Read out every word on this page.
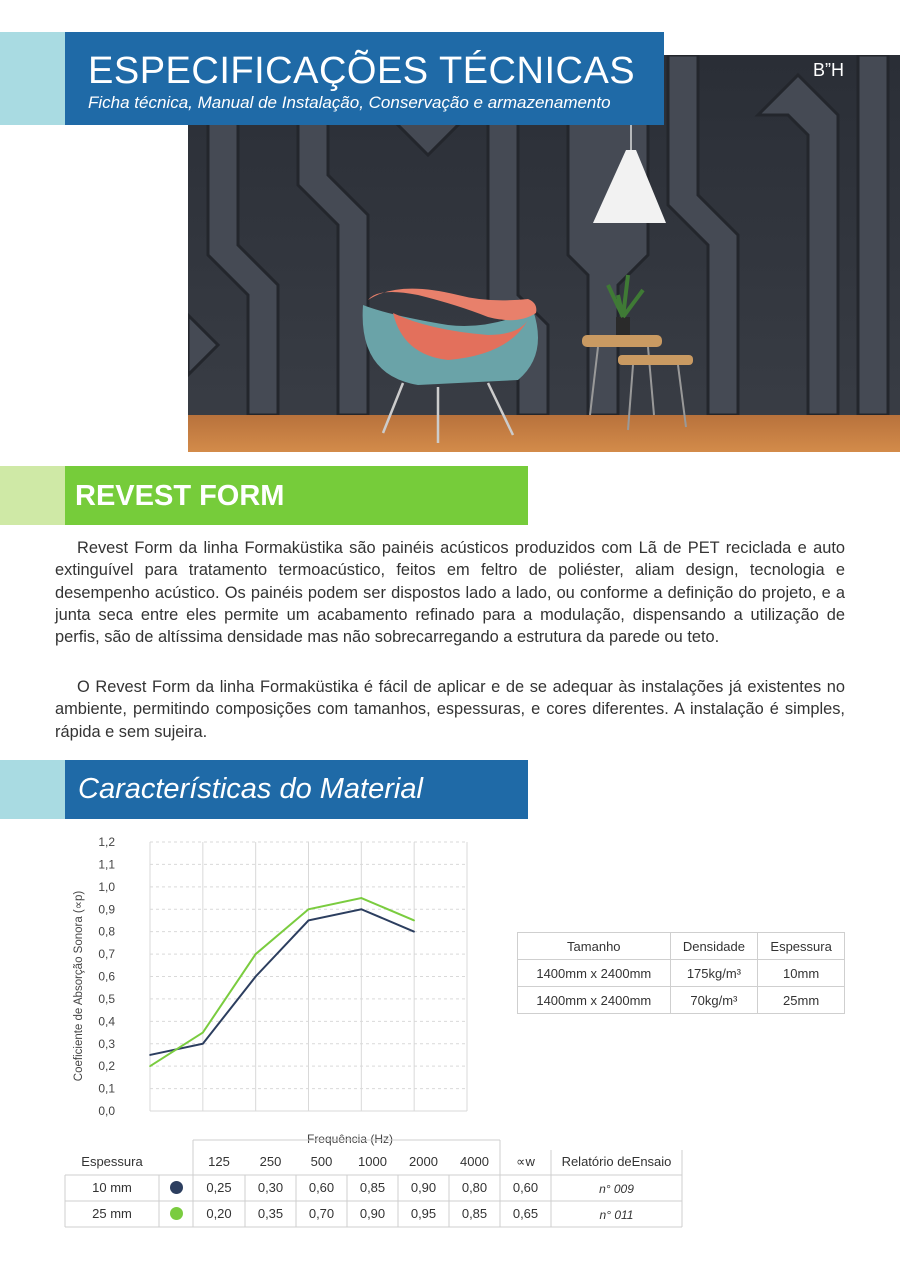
ESPECIFICAÇÕES TÉCNICAS
Ficha técnica, Manual de Instalação, Conservação e armazenamento
B”H
REVEST FORM

Revest Form da linha Formaküstika são painéis acústicos produzidos com Lã de PET reciclada e auto extinguível para tratamento termoacústico, feitos em feltro de poliéster, aliam design, tecnologia e desempenho acústico. Os painéis podem ser dispostos lado a lado, ou conforme a definição do projeto, e a junta seca entre eles permite um acabamento refinado para a modulação, dispensando a utilização de perfis, são de altíssima densidade mas não sobrecarregando a estrutura da parede ou teto.

O Revest Form da linha Formaküstika é fácil de aplicar e de se adequar às instalações já existentes no ambiente, permitindo composições com tamanhos, espessuras, e cores diferentes. A instalação é simples, rápida e sem sujeira.

Características do Material
0,0
0,1
0,2
0,3
0,4
0,5
0,6
0,7
0,8
0,9
1,0
1,1
1,2
Coeficiente de Absorção Sonora (∝p)
Frequência (Hz)
Tamanho	Densidade	Espessura
1400mm x 2400mm	175kg/m³	10mm
1400mm x 2400mm	70kg/m³	25mm
Espessura	125	250	500	1000	2000	4000	∝w	Relatório deEnsaio
10 mm	0,25	0,30	0,60	0,85	0,90	0,80	0,60	n° 009
25 mm	0,20	0,35	0,70	0,90	0,95	0,85	0,65	n° 011
